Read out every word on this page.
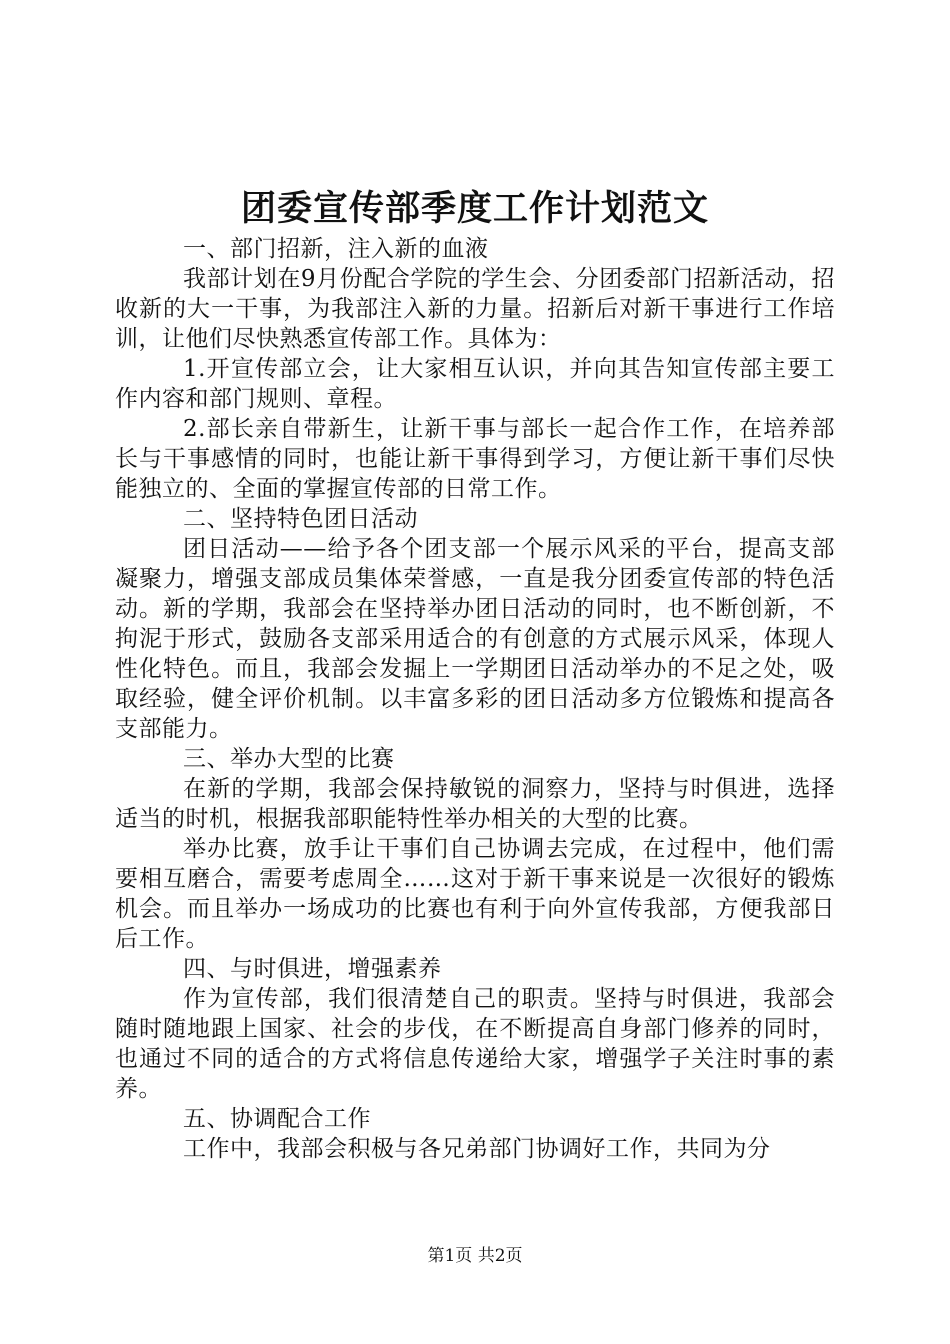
团委宣传部季度工作计划范文

一、部门招新，注入新的血液

我部计划在9月份配合学院的学生会、分团委部门招新活动，招收新的大一干事，为我部注入新的力量。招新后对新干事进行工作培训，让他们尽快熟悉宣传部工作。具体为：

1.开宣传部立会，让大家相互认识，并向其告知宣传部主要工作内容和部门规则、章程。

2.部长亲自带新生，让新干事与部长一起合作工作，在培养部长与干事感情的同时，也能让新干事得到学习，方便让新干事们尽快能独立的、全面的掌握宣传部的日常工作。

二、坚持特色团日活动

团日活动——给予各个团支部一个展示风采的平台，提高支部凝聚力，增强支部成员集体荣誉感，一直是我分团委宣传部的特色活动。新的学期，我部会在坚持举办团日活动的同时，也不断创新，不拘泥于形式，鼓励各支部采用适合的有创意的方式展示风采，体现人性化特色。而且，我部会发掘上一学期团日活动举办的不足之处，吸取经验，健全评价机制。以丰富多彩的团日活动多方位锻炼和提高各支部能力。

三、举办大型的比赛

在新的学期，我部会保持敏锐的洞察力，坚持与时俱进，选择适当的时机，根据我部职能特性举办相关的大型的比赛。

举办比赛，放手让干事们自己协调去完成，在过程中，他们需要相互磨合，需要考虑周全……这对于新干事来说是一次很好的锻炼机会。而且举办一场成功的比赛也有利于向外宣传我部，方便我部日后工作。

四、与时俱进，增强素养

作为宣传部，我们很清楚自己的职责。坚持与时俱进，我部会随时随地跟上国家、社会的步伐，在不断提高自身部门修养的同时，也通过不同的适合的方式将信息传递给大家，增强学子关注时事的素养。

五、协调配合工作

工作中，我部会积极与各兄弟部门协调好工作，共同为分

第1页 共2页
